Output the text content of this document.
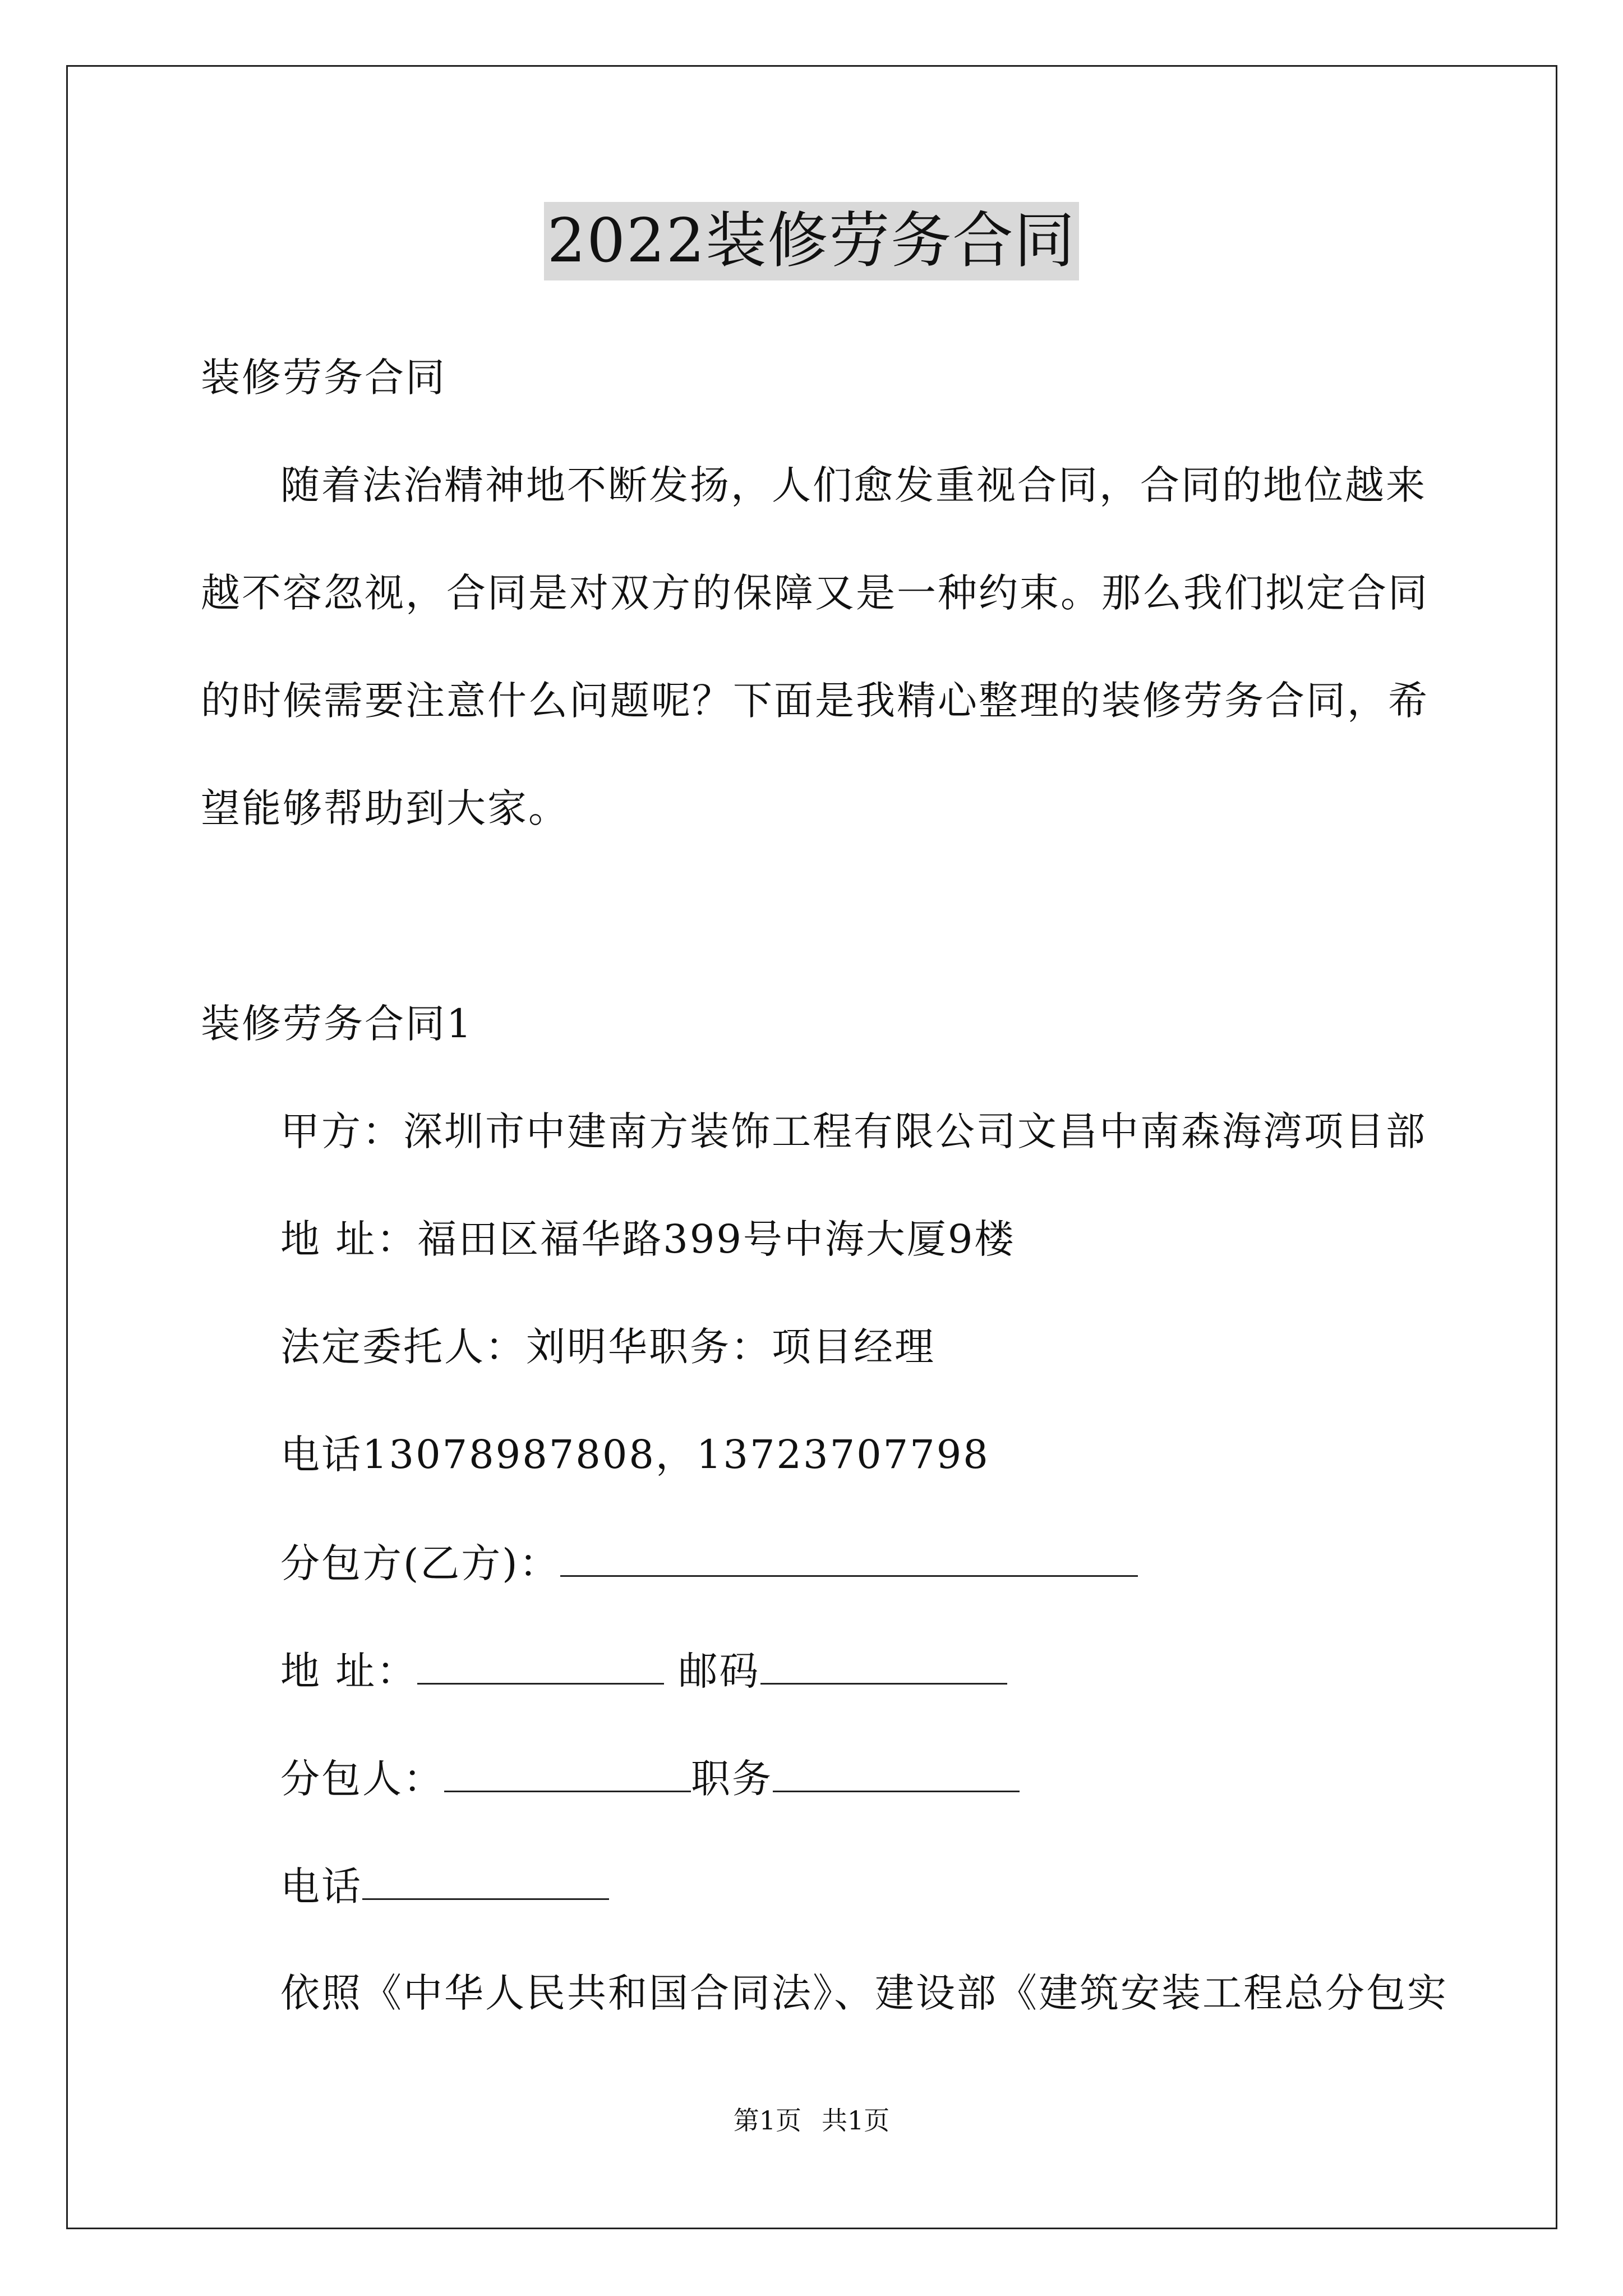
2022装修劳务合同
装修劳务合同
随着法治精神地不断发扬，人们愈发重视合同，合同的地位越来
越不容忽视，合同是对双方的保障又是一种约束。那么我们拟定合同
的时候需要注意什么问题呢？下面是我精心整理的装修劳务合同，希
望能够帮助到大家。
装修劳务合同1
甲方：深圳市中建南方装饰工程有限公司文昌中南森海湾项目部
地 址：福田区福华路399号中海大厦9楼
法定委托人：刘明华职务：项目经理
电话13078987808，13723707798
分包方(乙方)：
地 址：	邮码
分包人：	职务
电话
依照《中华人民共和国合同法》、建设部《建筑安装工程总分包实
第1页 共1页
